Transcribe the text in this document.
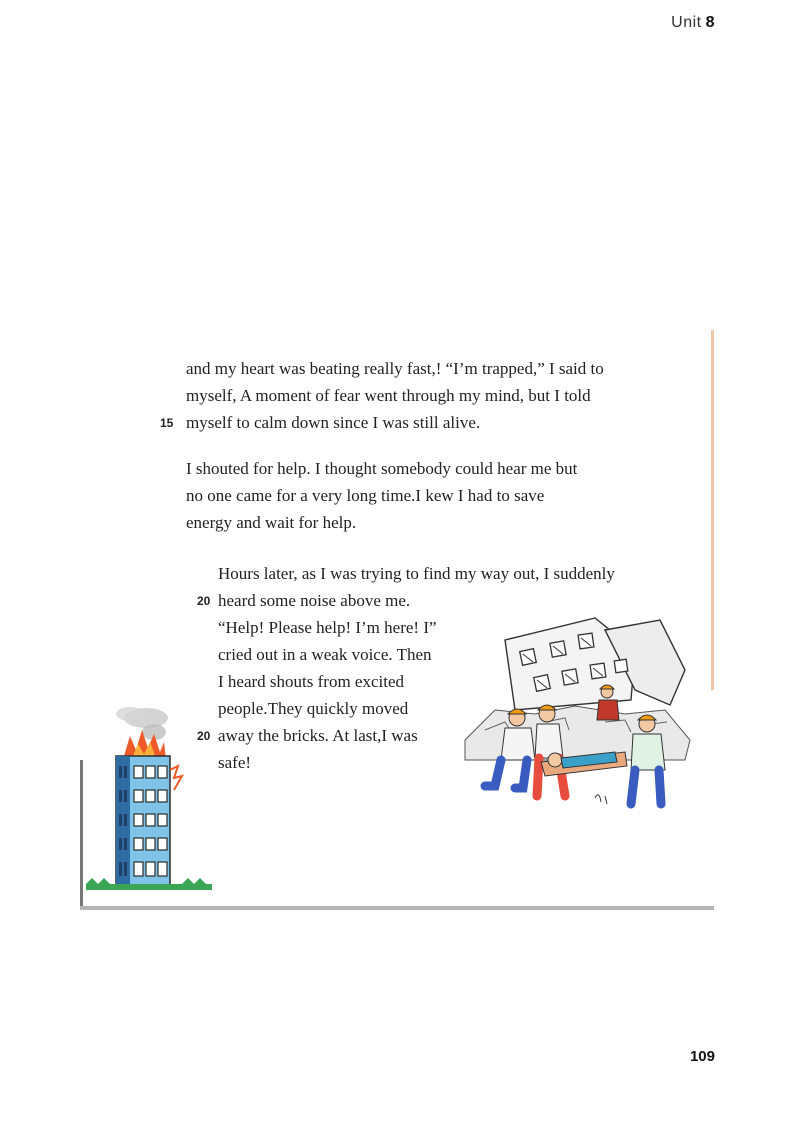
Unit 8
and my heart was beating really fast,! “I’m trapped,” I said to
myself, A moment of fear went through my mind, but I told
15 myself to calm down since I was still alive.
I shouted for help. I thought somebody could hear me but
no one came for a very long time.I kew I had to save
energy and wait for help.
Hours later, as I was trying to find my way out, I suddenly
20 heard some noise above me.
“Help! Please help! I’m here! I”
cried out in a weak voice. Then
I heard shouts from excited
people.They quickly moved
20 away the bricks. At last,I was
safe!
109
